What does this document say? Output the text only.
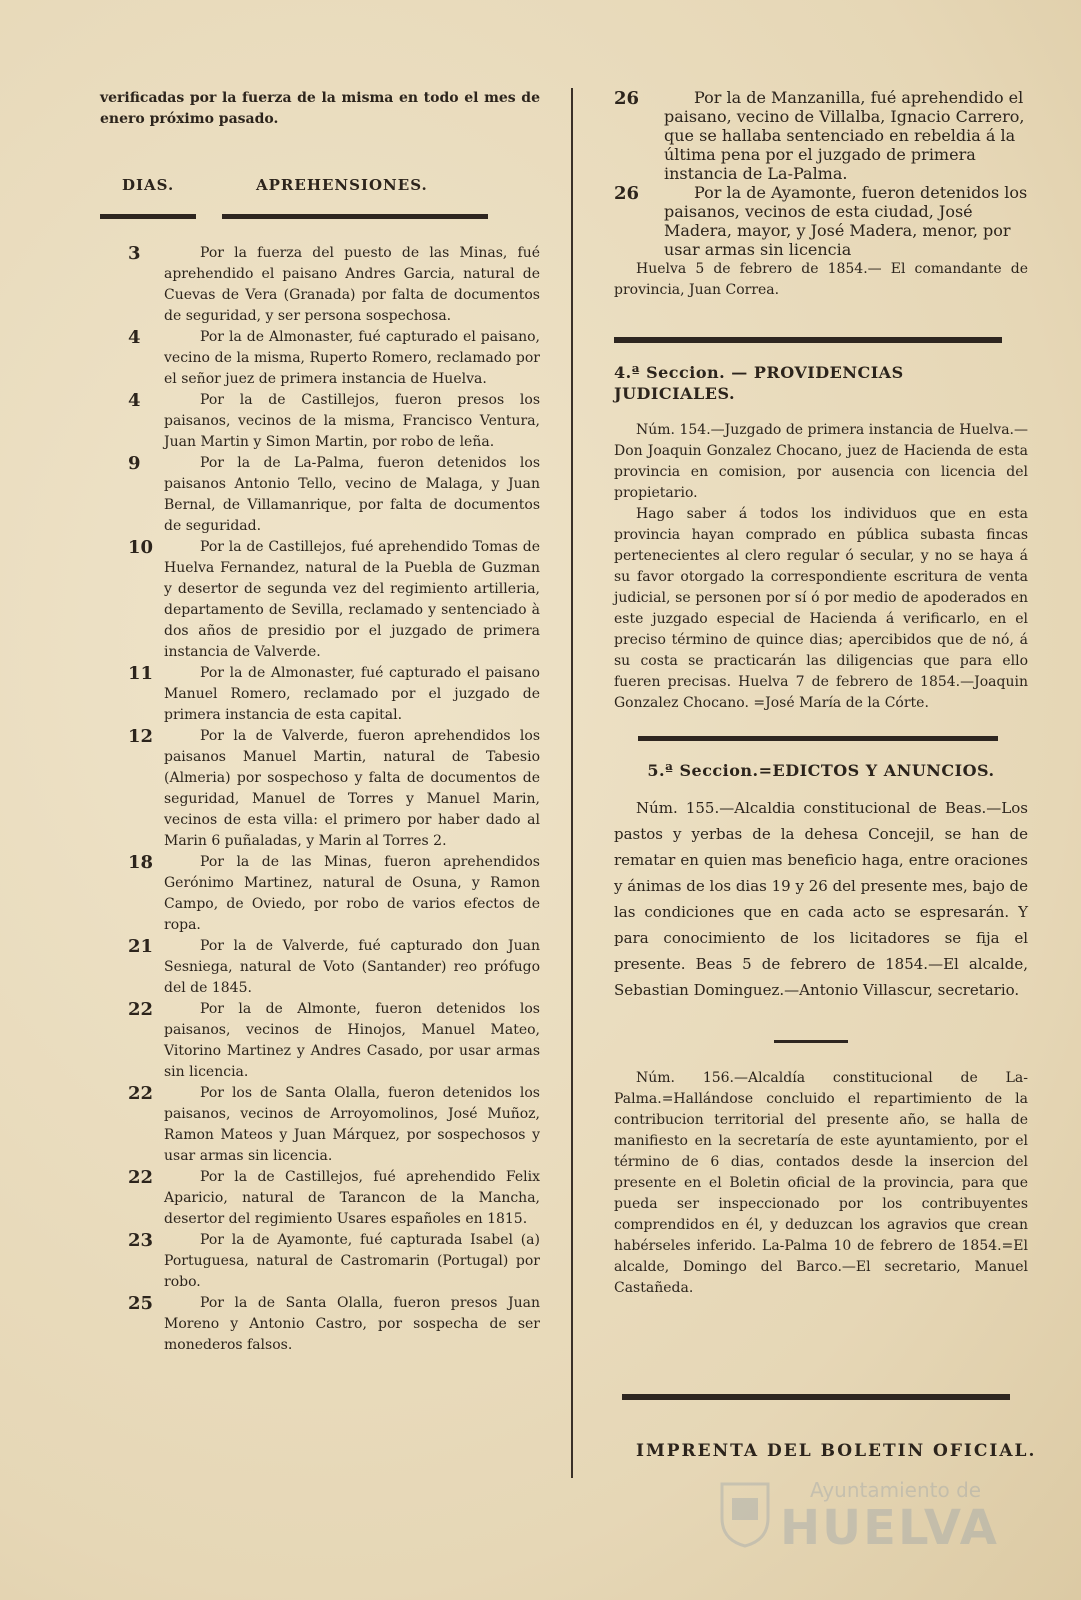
verificadas por la fuerza de la misma en todo el mes de enero próximo pasado.

DIAS.	APREHENSIONES.
3	Por la fuerza del puesto de las Minas, fué aprehendido el paisano Andres Garcia, natural de Cuevas de Vera (Granada) por falta de documentos de seguridad, y ser persona sospechosa.
4	Por la de Almonaster, fué capturado el paisano, vecino de la misma, Ruperto Romero, reclamado por el señor juez de primera instancia de Huelva.
4	Por la de Castillejos, fueron presos los paisanos, vecinos de la misma, Francisco Ventura, Juan Martin y Simon Martin, por robo de leña.
9	Por la de La-Palma, fueron detenidos los paisanos Antonio Tello, vecino de Malaga, y Juan Bernal, de Villamanrique, por falta de documentos de seguridad.
10	Por la de Castillejos, fué aprehendido Tomas de Huelva Fernandez, natural de la Puebla de Guzman y desertor de segunda vez del regimiento artilleria, departamento de Sevilla, reclamado y sentenciado à dos años de presidio por el juzgado de primera instancia de Valverde.
11	Por la de Almonaster, fué capturado el paisano Manuel Romero, reclamado por el juzgado de primera instancia de esta capital.
12	Por la de Valverde, fueron aprehendidos los paisanos Manuel Martin, natural de Tabesio (Almeria) por sospechoso y falta de documentos de seguridad, Manuel de Torres y Manuel Marin, vecinos de esta villa: el primero por haber dado al Marin 6 puñaladas, y Marin al Torres 2.
18	Por la de las Minas, fueron aprehendidos Gerónimo Martinez, natural de Osuna, y Ramon Campo, de Oviedo, por robo de varios efectos de ropa.
21	Por la de Valverde, fué capturado don Juan Sesniega, natural de Voto (Santander) reo prófugo del de 1845.
22	Por la de Almonte, fueron detenidos los paisanos, vecinos de Hinojos, Manuel Mateo, Vitorino Martinez y Andres Casado, por usar armas sin licencia.
22	Por los de Santa Olalla, fueron detenidos los paisanos, vecinos de Arroyomolinos, José Muñoz, Ramon Mateos y Juan Márquez, por sospechosos y usar armas sin licencia.
22	Por la de Castillejos, fué aprehendido Felix Aparicio, natural de Tarancon de la Mancha, desertor del regimiento Usares españoles en 1815.
23	Por la de Ayamonte, fué capturada Isabel (a) Portuguesa, natural de Castromarin (Portugal) por robo.
25	Por la de Santa Olalla, fueron presos Juan Moreno y Antonio Castro, por sospecha de ser monederos falsos.
26	Por la de Manzanilla, fué aprehendido el paisano, vecino de Villalba, Ignacio Carrero, que se hallaba sentenciado en rebeldia á la última pena por el juzgado de primera instancia de La-Palma.
26	Por la de Ayamonte, fueron detenidos los paisanos, vecinos de esta ciudad, José Madera, mayor, y José Madera, menor, por usar armas sin licencia

Huelva 5 de febrero de 1854.— El comandante de provincia, Juan Correa.

4.ª Seccion. — PROVIDENCIAS JUDICIALES.

Núm. 154.—Juzgado de primera instancia de Huelva.—Don Joaquin Gonzalez Chocano, juez de Hacienda de esta provincia en comision, por ausencia con licencia del propietario.

Hago saber á todos los individuos que en esta provincia hayan comprado en pública subasta fincas pertenecientes al clero regular ó secular, y no se haya á su favor otorgado la correspondiente escritura de venta judicial, se personen por sí ó por medio de apoderados en este juzgado especial de Hacienda á verificarlo, en el preciso término de quince dias; apercibidos que de nó, á su costa se practicarán las diligencias que para ello fueren precisas. Huelva 7 de febrero de 1854.—Joaquin Gonzalez Chocano. =José María de la Córte.

5.ª Seccion.=EDICTOS Y ANUNCIOS.

Núm. 155.—Alcaldia constitucional de Beas.—Los pastos y yerbas de la dehesa Concejil, se han de rematar en quien mas beneficio haga, entre oraciones y ánimas de los dias 19 y 26 del presente mes, bajo de las condiciones que en cada acto se espresarán. Y para conocimiento de los licitadores se fija el presente. Beas 5 de febrero de 1854.—El alcalde, Sebastian Dominguez.—Antonio Villascur, secretario.

Núm. 156.—Alcaldía constitucional de La-Palma.=Hallándose concluido el repartimiento de la contribucion territorial del presente año, se halla de manifiesto en la secretaría de este ayuntamiento, por el término de 6 dias, contados desde la insercion del presente en el Boletin oficial de la provincia, para que pueda ser inspeccionado por los contribuyentes comprendidos en él, y deduzcan los agravios que crean habérseles inferido. La-Palma 10 de febrero de 1854.=El alcalde, Domingo del Barco.—El secretario, Manuel Castañeda.

IMPRENTA DEL BOLETIN OFICIAL.
Ayuntamiento de
HUELVA
